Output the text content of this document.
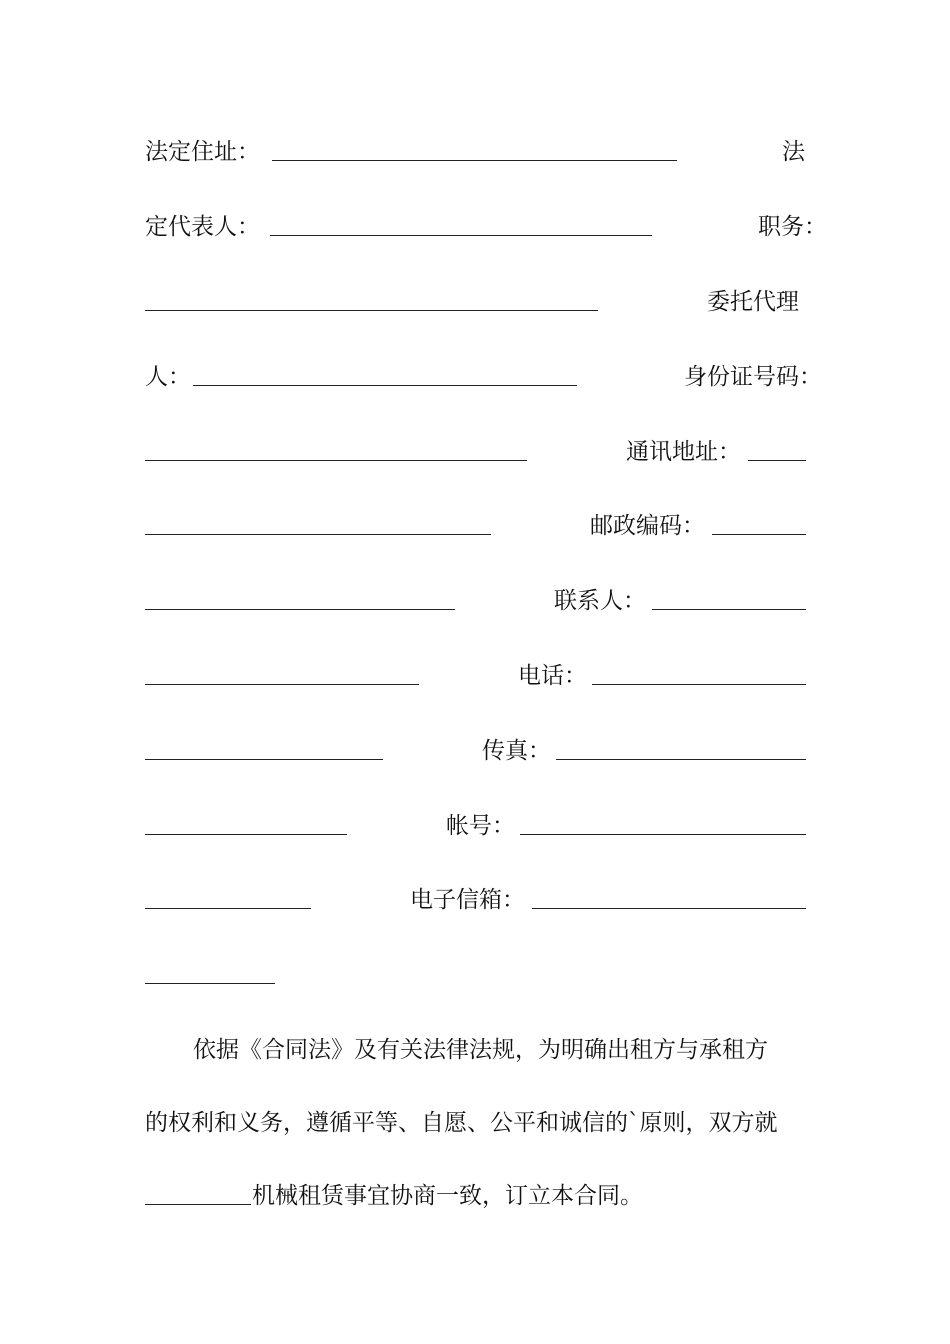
法定住址：	法
定代表人：	职务：
委托代理
人：	身份证号码：
通讯地址：
邮政编码：
联系人：
电话：
传真：
帐号：
电子信箱：
依据《合同法》及有关法律法规，为明确出租方与承租方
的权利和义务，遵循平等、自愿、公平和诚信的`原则，双方就
机械租赁事宜协商一致，订立本合同。
